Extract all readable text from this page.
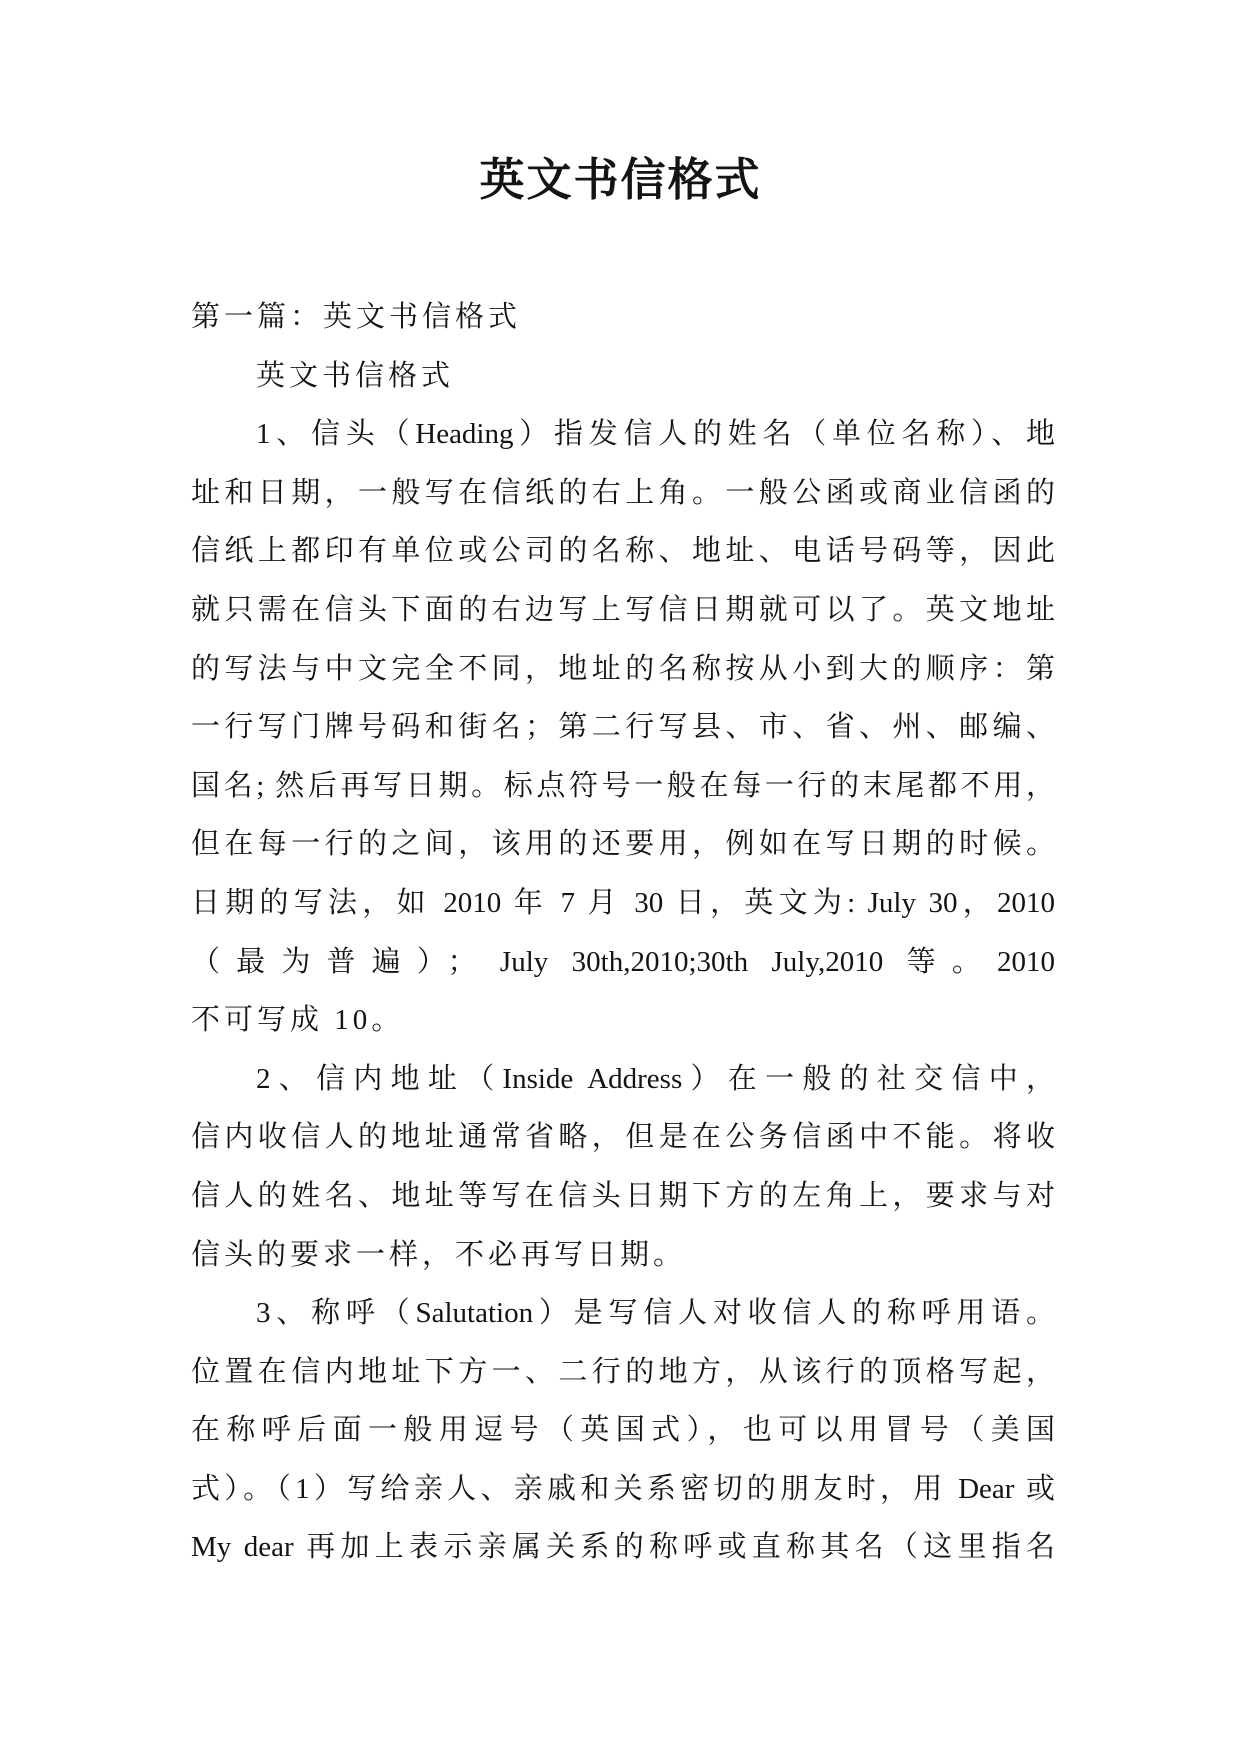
英文书信格式
第一篇：英文书信格式
英文书信格式
1、信头（Heading）指发信人的姓名（单位名称）、地
址和日期，一般写在信纸的右上角。一般公函或商业信函的
信纸上都印有单位或公司的名称、地址、电话号码等，因此
就只需在信头下面的右边写上写信日期就可以了。英文地址
的写法与中文完全不同，地址的名称按从小到大的顺序：第
一行写门牌号码和街名；第二行写县、市、省、州、邮编、
国名; 然后再写日期。标点符号一般在每一行的末尾都不用，
但在每一行的之间，该用的还要用，例如在写日期的时候。
日期的写法，如 2010 年 7 月 30 日，英文为: July 30，2010
（最为普遍）； July 30th,2010;30th July,2010 等。2010
不可写成 10。
2、信内地址（Inside Address）在一般的社交信中，
信内收信人的地址通常省略，但是在公务信函中不能。将收
信人的姓名、地址等写在信头日期下方的左角上，要求与对
信头的要求一样，不必再写日期。
3、称呼（Salutation）是写信人对收信人的称呼用语。
位置在信内地址下方一、二行的地方，从该行的顶格写起，
在称呼后面一般用逗号（英国式），也可以用冒号（美国
式）。（1）写给亲人、亲戚和关系密切的朋友时，用 Dear 或
My dear 再加上表示亲属关系的称呼或直称其名（这里指名
